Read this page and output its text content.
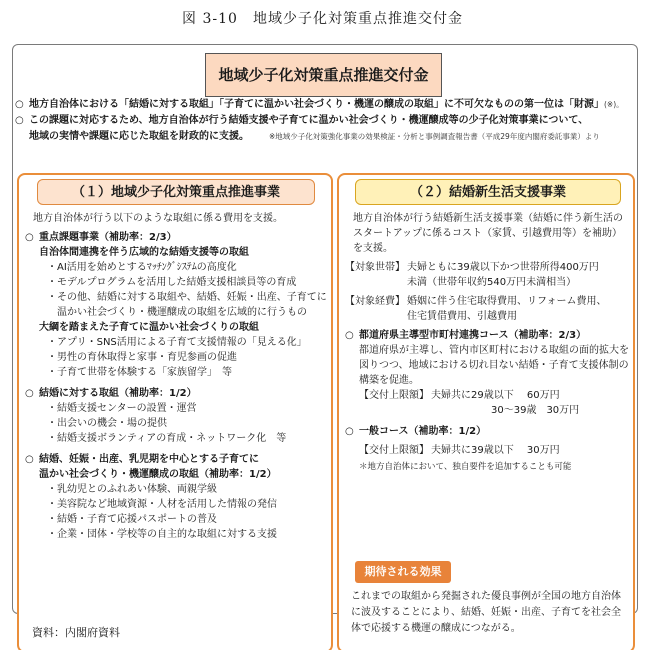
図 3-10　地域少子化対策重点推進交付金
地域少子化対策重点推進交付金
○ 地方自治体における「結婚に対する取組」「子育てに温かい社会づくり・機運の醸成の取組」に不可欠なものの第一位は「財源」(※)。
○ この課題に対応するため、地方自治体が行う結婚支援や子育てに温かい社会づくり・機運醸成等の少子化対策事業について、
地域の実情や課題に応じた取組を財政的に支援。	※地域少子化対策強化事業の効果検証・分析と事例調査報告書（平成29年度内閣府委託事業）より
（１）地域少子化対策重点推進事業
地方自治体が行う以下のような取組に係る費用を支援。
○ 重点課題事業（補助率：2/3）
自治体間連携を伴う広域的な結婚支援等の取組
・AI活用を始めとするﾏｯﾁﾝｸﾞｼｽﾃﾑの高度化
・モデルプログラムを活用した結婚支援相談員等の育成
・その他、結婚に対する取組や、結婚、妊娠・出産、子育てに
　温かい社会づくり・機運醸成の取組を広域的に行うもの
大綱を踏まえた子育てに温かい社会づくりの取組
・アプリ・SNS活用による子育て支援情報の「見える化」
・男性の育休取得と家事・育児参画の促進
・子育て世帯を体験する「家族留学」　等
○ 結婚に対する取組（補助率：1/2）
・結婚支援センターの設置・運営
・出会いの機会・場の提供
・結婚支援ボランティアの育成・ネットワーク化　等
○ 結婚、妊娠・出産、乳児期を中心とする子育てに
温かい社会づくり・機運醸成の取組（補助率：1/2）
・乳幼児とのふれあい体験、両親学級
・美容院など地域資源・人材を活用した情報の発信
・結婚・子育て応援パスポートの普及
・企業・団体・学校等の自主的な取組に対する支援
（２）結婚新生活支援事業
地方自治体が行う結婚新生活支援事業（結婚に伴う新生活のスタートアップに係るコスト（家賃、引越費用等）を補助）を支援。
【対象世帯】 夫婦ともに39歳以下かつ世帯所得400万円
未満（世帯年収約540万円未満相当）
【対象経費】 婚姻に伴う住宅取得費用、リフォーム費用、
住宅賃借費用、引越費用
○ 都道府県主導型市町村連携コース（補助率：2/3）
都道府県が主導し、管内市区町村における取組の面的拡大を図りつつ、地域における切れ目ない結婚・子育て支援体制の構築を促進。
【交付上限額】 夫婦共に29歳以下　 60万円
30～39歳　30万円
○ 一般コース（補助率：1/2）
【交付上限額】 夫婦共に39歳以下　 30万円
＊地方自治体において、独自要件を追加することも可能
期待される効果
これまでの取組から発掘された優良事例が全国の地方自治体に波及することにより、結婚、妊娠・出産、子育てを社会全体で応援する機運の醸成につながる。
資料：内閣府資料
